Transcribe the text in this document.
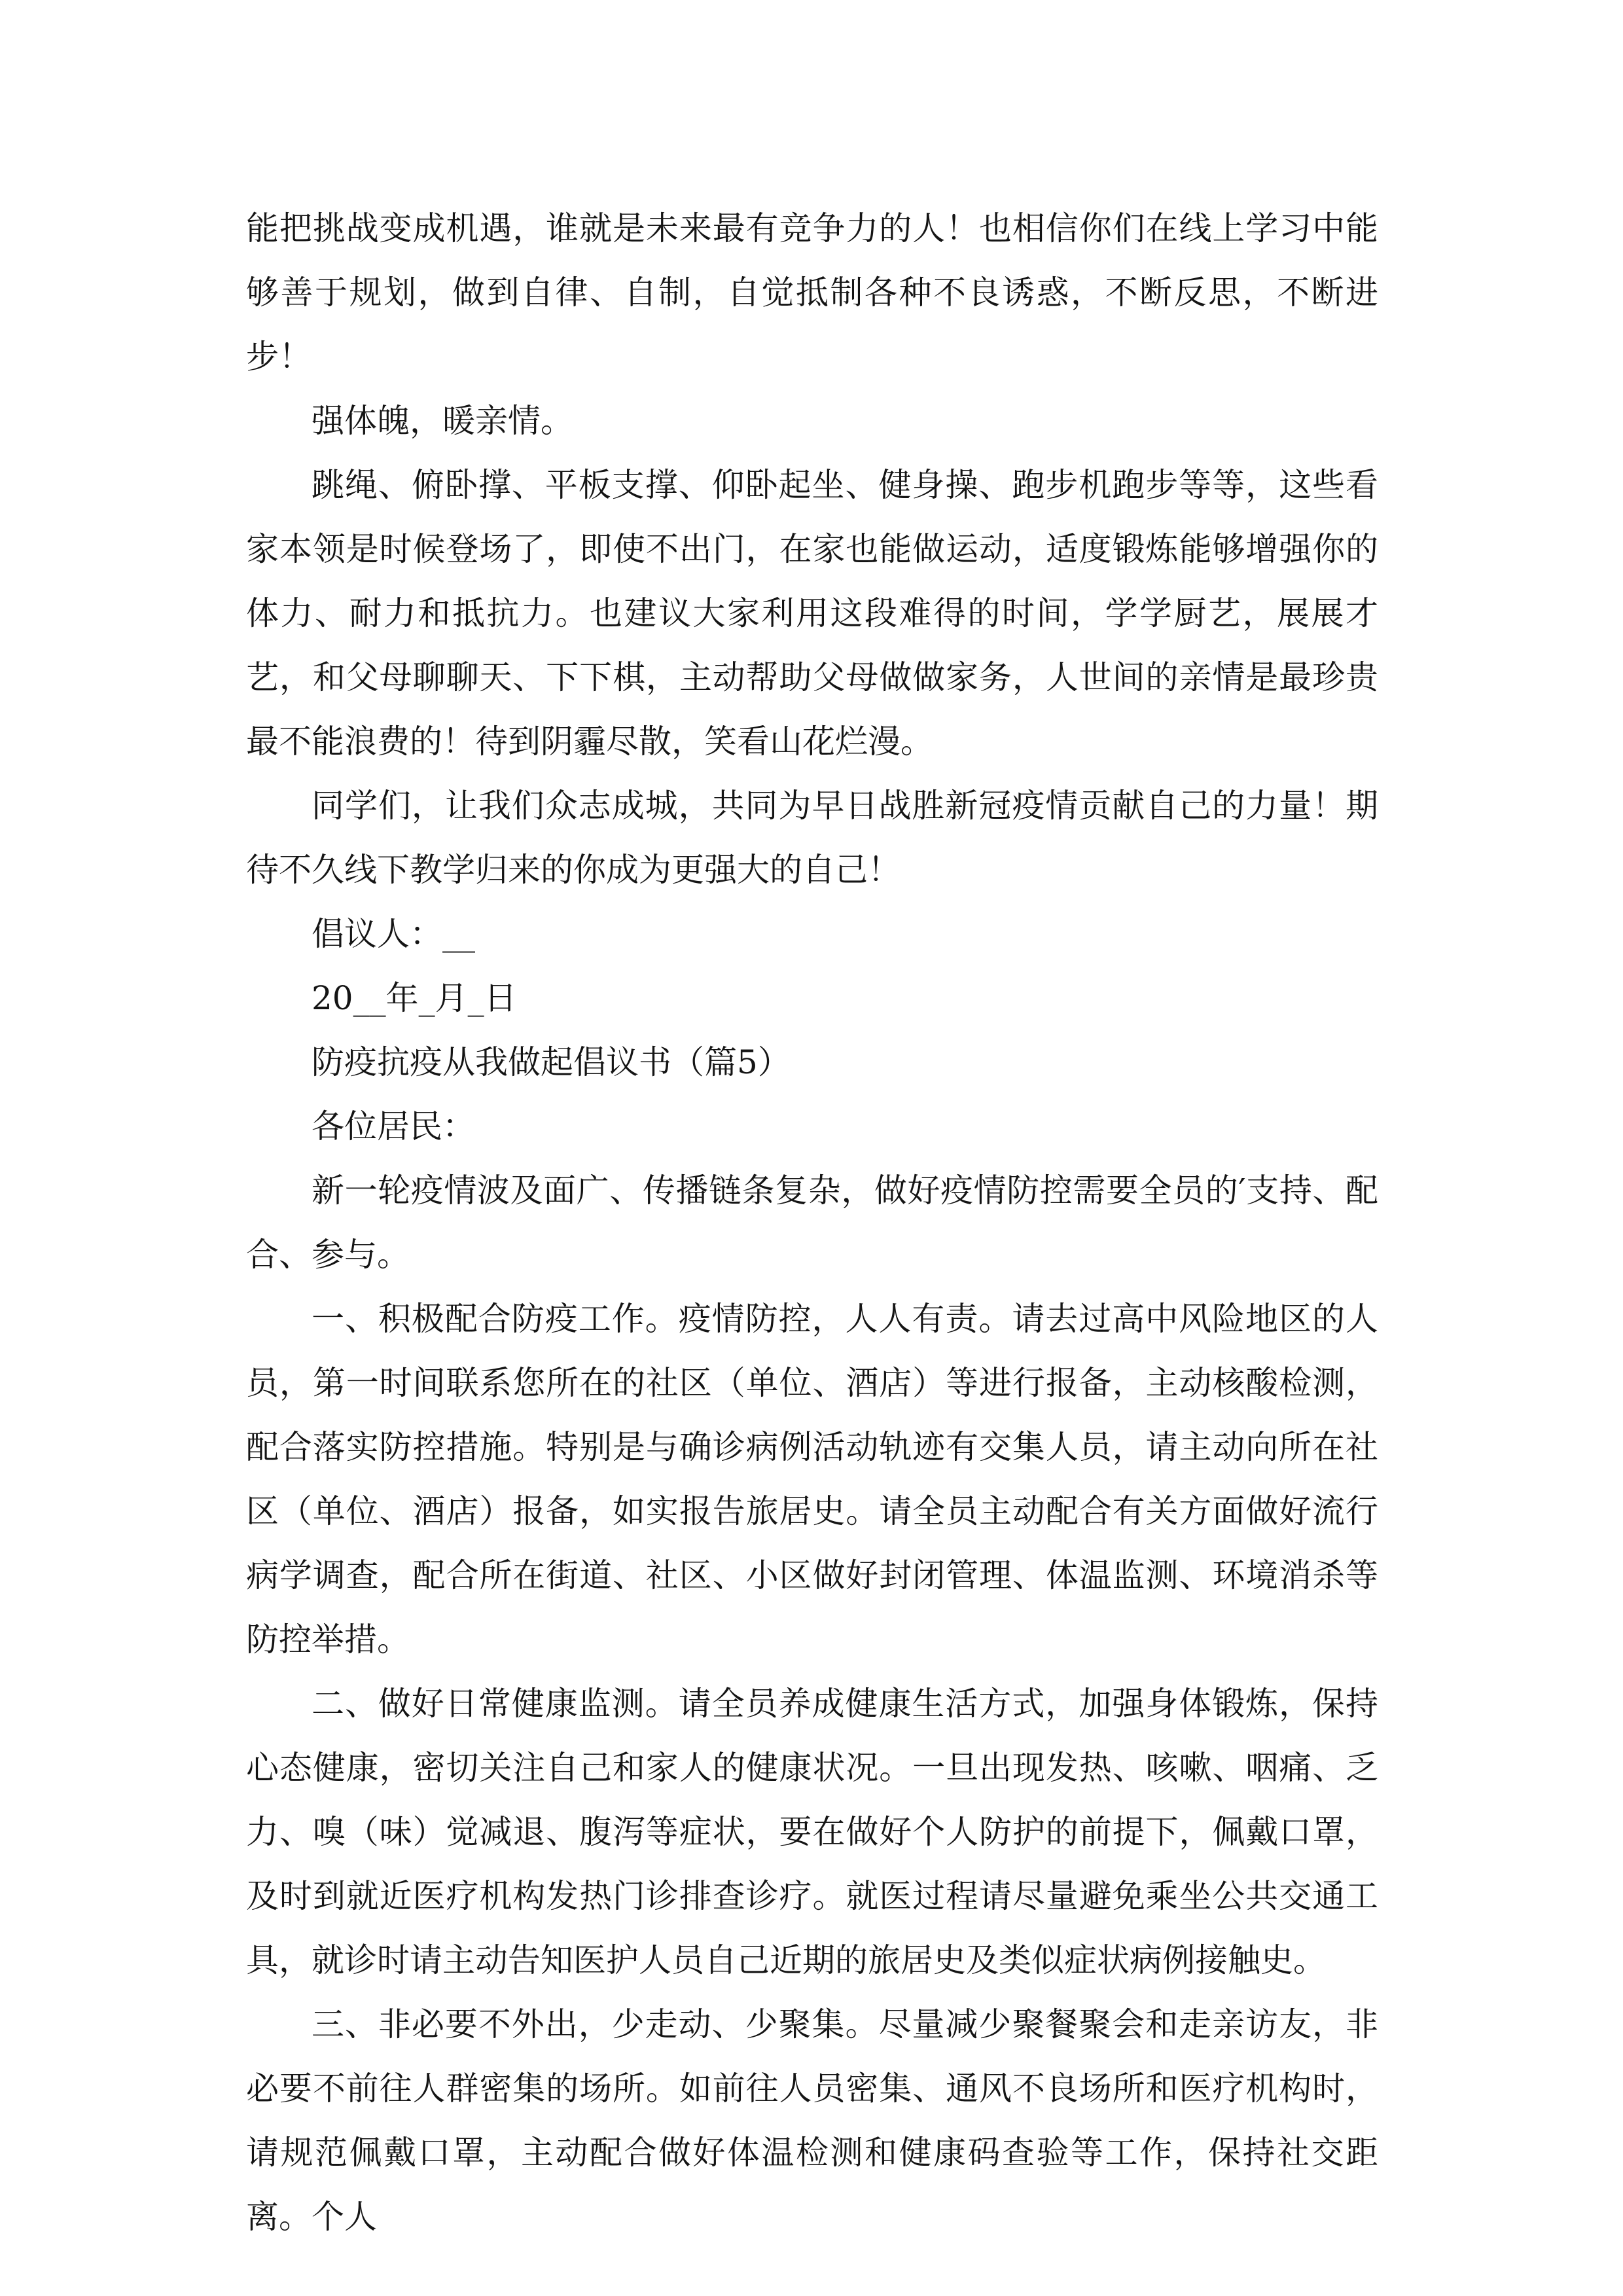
能把挑战变成机遇，谁就是未来最有竞争力的人！也相信你们在线上学习中能够善于规划，做到自律、自制，自觉抵制各种不良诱惑，不断反思，不断进步！

强体魄，暖亲情。

跳绳、俯卧撑、平板支撑、仰卧起坐、健身操、跑步机跑步等等，这些看家本领是时候登场了，即使不出门，在家也能做运动，适度锻炼能够增强你的体力、耐力和抵抗力。也建议大家利用这段难得的时间，学学厨艺，展展才艺，和父母聊聊天、下下棋，主动帮助父母做做家务，人世间的亲情是最珍贵最不能浪费的！待到阴霾尽散，笑看山花烂漫。

同学们，让我们众志成城，共同为早日战胜新冠疫情贡献自己的力量！期待不久线下教学归来的你成为更强大的自己！

倡议人：__

20__年_月_日

防疫抗疫从我做起倡议书（篇5）

各位居民：

新一轮疫情波及面广、传播链条复杂，做好疫情防控需要全员的′支持、配合、参与。

一、积极配合防疫工作。疫情防控，人人有责。请去过高中风险地区的人员，第一时间联系您所在的社区（单位、酒店）等进行报备，主动核酸检测，配合落实防控措施。特别是与确诊病例活动轨迹有交集人员，请主动向所在社区（单位、酒店）报备，如实报告旅居史。请全员主动配合有关方面做好流行病学调查，配合所在街道、社区、小区做好封闭管理、体温监测、环境消杀等防控举措。

二、做好日常健康监测。请全员养成健康生活方式，加强身体锻炼，保持心态健康，密切关注自己和家人的健康状况。一旦出现发热、咳嗽、咽痛、乏力、嗅（味）觉减退、腹泻等症状，要在做好个人防护的前提下，佩戴口罩，及时到就近医疗机构发热门诊排查诊疗。就医过程请尽量避免乘坐公共交通工具，就诊时请主动告知医护人员自己近期的旅居史及类似症状病例接触史。

三、非必要不外出，少走动、少聚集。尽量减少聚餐聚会和走亲访友，非必要不前往人群密集的场所。如前往人员密集、通风不良场所和医疗机构时，请规范佩戴口罩，主动配合做好体温检测和健康码查验等工作，保持社交距离。个人
